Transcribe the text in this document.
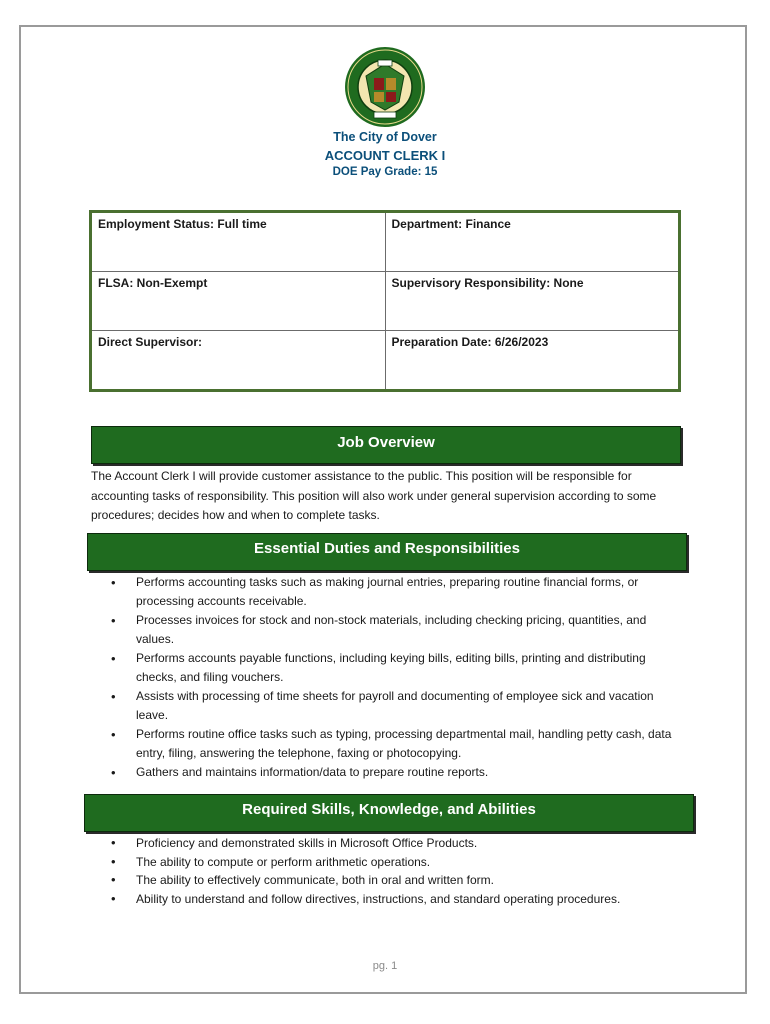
The City of Dover
ACCOUNT CLERK I
DOE Pay Grade: 15
Employment Status: Full time	Department: Finance
FLSA: Non-Exempt	Supervisory Responsibility: None
Direct Supervisor:	Preparation Date: 6/26/2023
Job Overview
The Account Clerk I will provide customer assistance to the public. This position will be responsible for accounting tasks of responsibility. This position will also work under general supervision according to some procedures; decides how and when to complete tasks.
Essential Duties and Responsibilities
• Performs accounting tasks such as making journal entries, preparing routine financial forms, or processing accounts receivable.
• Processes invoices for stock and non-stock materials, including checking pricing, quantities, and values.
• Performs accounts payable functions, including keying bills, editing bills, printing and distributing checks, and filing vouchers.
• Assists with processing of time sheets for payroll and documenting of employee sick and vacation leave.
• Performs routine office tasks such as typing, processing departmental mail, handling petty cash, data entry, filing, answering the telephone, faxing or photocopying.
• Gathers and maintains information/data to prepare routine reports.
Required Skills, Knowledge, and Abilities
• Proficiency and demonstrated skills in Microsoft Office Products.
• The ability to compute or perform arithmetic operations.
• The ability to effectively communicate, both in oral and written form.
• Ability to understand and follow directives, instructions, and standard operating procedures.
pg. 1
